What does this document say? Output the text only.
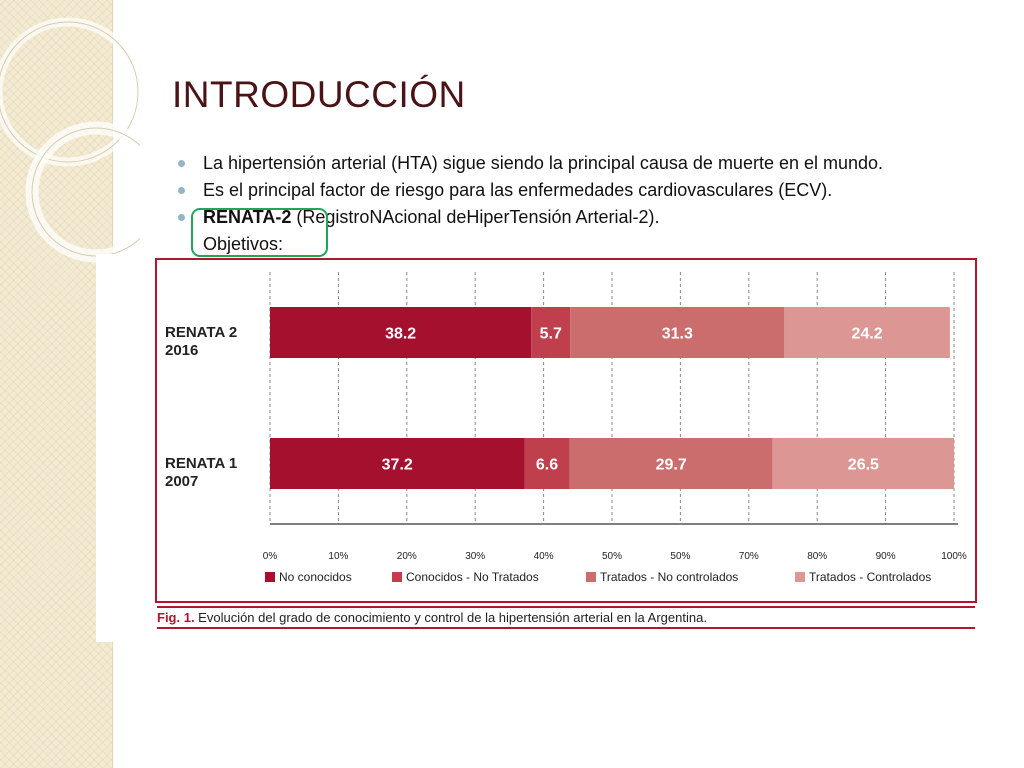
INTRODUCCIÓN
La hipertensión arterial (HTA) sigue siendo la principal causa de muerte en el mundo.
Es el principal factor de riesgo para las enfermedades cardiovasculares (ECV).
RENATA-2 (RegistroNAcional deHiperTensión Arterial-2).
Objetivos:
0%	10%	20%	30%	40%	50%	50%	70%	80%	90%	100%
RENATA 2
2016
38.2	5.7	31.3	24.2
RENATA 1
2007
37.2	6.6	29.7	26.5
No conocidos	Conocidos - No Tratados	Tratados - No controlados	Tratados - Controlados
Fig. 1. Evolución del grado de conocimiento y control de la hipertensión arterial en la Argentina.
